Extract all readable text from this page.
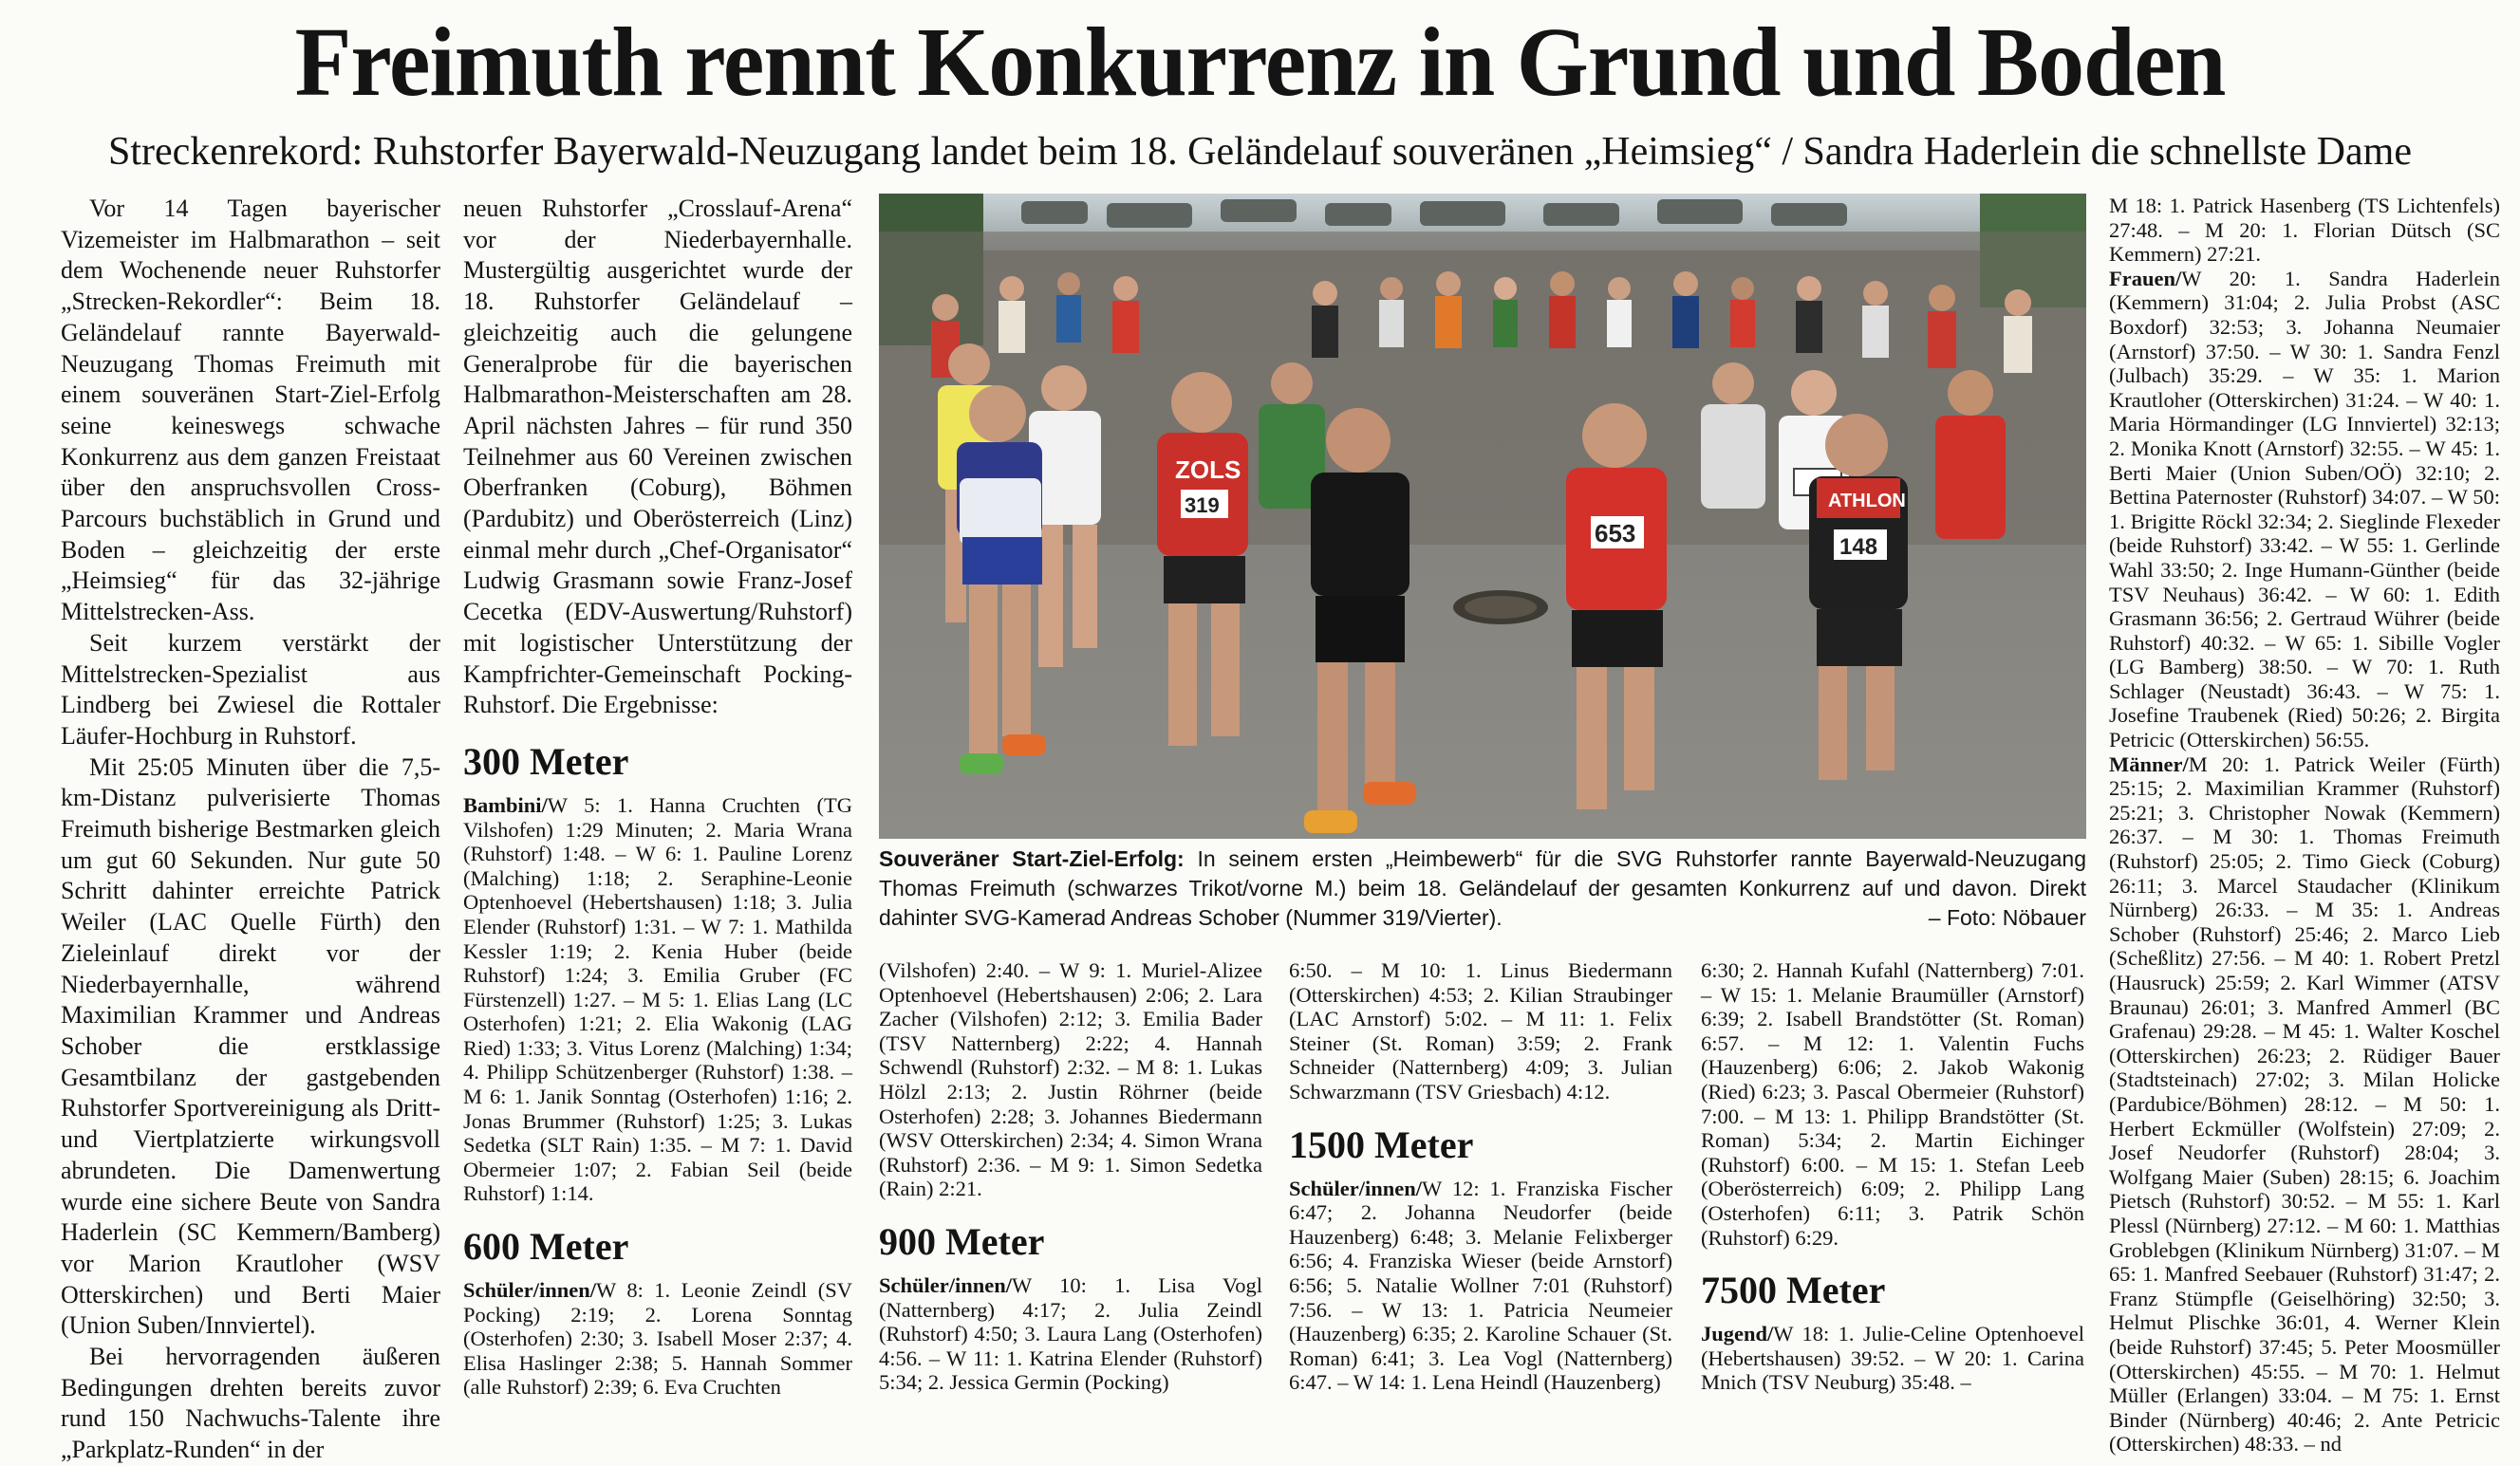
Freimuth rennt Konkurrenz in Grund und Boden
Streckenrekord: Ruhstorfer Bayerwald-Neuzugang landet beim 18. Geländelauf souveränen „Heimsieg“ / Sandra Haderlein die schnellste Dame

Vor 14 Tagen bayerischer Vizemeister im Halbmarathon – seit dem Wochenende neuer Ruhstorfer „Strecken-Rekordler“: Beim 18. Geländelauf rannte Bayerwald-Neuzugang Thomas Freimuth mit einem souveränen Start-Ziel-Erfolg seine keineswegs schwache Konkurrenz aus dem ganzen Freistaat über den anspruchsvollen Cross-Parcours buchstäblich in Grund und Boden – gleichzeitig der erste „Heimsieg“ für das 32-jährige Mittelstrecken-Ass.

Seit kurzem verstärkt der Mittelstrecken-Spezialist aus Lindberg bei Zwiesel die Rottaler Läufer-Hochburg in Ruhstorf.

Mit 25:05 Minuten über die 7,5-km-Distanz pulverisierte Thomas Freimuth bisherige Bestmarken gleich um gut 60 Sekunden. Nur gute 50 Schritt dahinter erreichte Patrick Weiler (LAC Quelle Fürth) den Zieleinlauf direkt vor der Niederbayernhalle, während Maximilian Krammer und Andreas Schober die erstklassige Gesamtbilanz der gastgebenden Ruhstorfer Sportvereinigung als Dritt- und Viertplatzierte wirkungsvoll abrundeten. Die Damenwertung wurde eine sichere Beute von Sandra Haderlein (SC Kemmern/Bamberg) vor Marion Krautloher (WSV Otterskirchen) und Berti Maier (Union Suben/Innviertel).

Bei hervorragenden äußeren Bedingungen drehten bereits zuvor rund 150 Nachwuchs-Talente ihre „Parkplatz-Runden“ in der

neuen Ruhstorfer „Crosslauf-Arena“ vor der Niederbayernhalle. Mustergültig ausgerichtet wurde der 18. Ruhstorfer Geländelauf – gleichzeitig auch die gelungene Generalprobe für die bayerischen Halbmarathon-Meisterschaften am 28. April nächsten Jahres – für rund 350 Teilnehmer aus 60 Vereinen zwischen Oberfranken (Coburg), Böhmen (Pardubitz) und Oberösterreich (Linz) einmal mehr durch „Chef-Organisator“ Ludwig Grasmann sowie Franz-Josef Cecetka (EDV-Auswertung/Ruhstorf) mit logistischer Unterstützung der Kampfrichter-Gemeinschaft Pocking-Ruhstorf. Die Ergebnisse:

300 Meter

Bambini/W 5: 1. Hanna Cruchten (TG Vilshofen) 1:29 Minuten; 2. Maria Wrana (Ruhstorf) 1:48. – W 6: 1. Pauline Lorenz (Malching) 1:18; 2. Seraphine-Leonie Optenhoevel (Hebertshausen) 1:18; 3. Julia Elender (Ruhstorf) 1:31. – W 7: 1. Mathilda Kessler 1:19; 2. Kenia Huber (beide Ruhstorf) 1:24; 3. Emilia Gruber (FC Fürstenzell) 1:27. – M 5: 1. Elias Lang (LC Osterhofen) 1:21; 2. Elia Wakonig (LAG Ried) 1:33; 3. Vitus Lorenz (Malching) 1:34; 4. Philipp Schützenberger (Ruhstorf) 1:38. – M 6: 1. Janik Sonntag (Osterhofen) 1:16; 2. Jonas Brummer (Ruhstorf) 1:25; 3. Lukas Sedetka (SLT Rain) 1:35. – M 7: 1. David Obermeier 1:07; 2. Fabian Seil (beide Ruhstorf) 1:14.

600 Meter

Schüler/innen/W 8: 1. Leonie Zeindl (SV Pocking) 2:19; 2. Lorena Sonntag (Osterhofen) 2:30; 3. Isabell Moser 2:37; 4. Elisa Haslinger 2:38; 5. Hannah Sommer (alle Ruhstorf) 2:39; 6. Eva Cruchten

ZOLS
319
653
ATHLON
148
Souveräner Start-Ziel-Erfolg: In seinem ersten „Heimbewerb“ für die SVG Ruhstorfer rannte Bayerwald-Neuzugang Thomas Freimuth (schwarzes Trikot/vorne M.) beim 18. Geländelauf der gesamten Konkurrenz auf und davon. Direkt dahinter SVG-Kamerad Andreas Schober (Nummer 319/Vierter).	– Foto: Nöbauer

(Vilshofen) 2:40. – W 9: 1. Muriel-Alizee Optenhoevel (Hebertshausen) 2:06; 2. Lara Zacher (Vilshofen) 2:12; 3. Emilia Bader (TSV Natternberg) 2:22; 4. Hannah Schwendl (Ruhstorf) 2:32. – M 8: 1. Lukas Hölzl 2:13; 2. Justin Röhrner (beide Osterhofen) 2:28; 3. Johannes Biedermann (WSV Otterskirchen) 2:34; 4. Simon Wrana (Ruhstorf) 2:36. – M 9: 1. Simon Sedetka (Rain) 2:21.

900 Meter

Schüler/innen/W 10: 1. Lisa Vogl (Natternberg) 4:17; 2. Julia Zeindl (Ruhstorf) 4:50; 3. Laura Lang (Osterhofen) 4:56. – W 11: 1. Katrina Elender (Ruhstorf) 5:34; 2. Jessica Germin (Pocking)

6:50. – M 10: 1. Linus Biedermann (Otterskirchen) 4:53; 2. Kilian Straubinger (LAC Arnstorf) 5:02. – M 11: 1. Felix Steiner (St. Roman) 3:59; 2. Frank Schneider (Natternberg) 4:09; 3. Julian Schwarzmann (TSV Griesbach) 4:12.

1500 Meter

Schüler/innen/W 12: 1. Franziska Fischer 6:47; 2. Johanna Neudorfer (beide Hauzenberg) 6:48; 3. Melanie Felixberger 6:56; 4. Franziska Wieser (beide Arnstorf) 6:56; 5. Natalie Wollner 7:01 (Ruhstorf) 7:56. – W 13: 1. Patricia Neumeier (Hauzenberg) 6:35; 2. Karoline Schauer (St. Roman) 6:41; 3. Lea Vogl (Natternberg) 6:47. – W 14: 1. Lena Heindl (Hauzenberg)

6:30; 2. Hannah Kufahl (Natternberg) 7:01. – W 15: 1. Melanie Braumüller (Arnstorf) 6:39; 2. Isabell Brandstötter (St. Roman) 6:57. – M 12: 1. Valentin Fuchs (Hauzenberg) 6:06; 2. Jakob Wakonig (Ried) 6:23; 3. Pascal Obermeier (Ruhstorf) 7:00. – M 13: 1. Philipp Brandstötter (St. Roman) 5:34; 2. Martin Eichinger (Ruhstorf) 6:00. – M 15: 1. Stefan Leeb (Oberösterreich) 6:09; 2. Philipp Lang (Osterhofen) 6:11; 3. Patrik Schön (Ruhstorf) 6:29.

7500 Meter

Jugend/W 18: 1. Julie-Celine Optenhoevel (Hebertshausen) 39:52. – W 20: 1. Carina Mnich (TSV Neuburg) 35:48. –

M 18: 1. Patrick Hasenberg (TS Lichtenfels) 27:48. – M 20: 1. Florian Dütsch (SC Kemmern) 27:21.

Frauen/W 20: 1. Sandra Haderlein (Kemmern) 31:04; 2. Julia Probst (ASC Boxdorf) 32:53; 3. Johanna Neumaier (Arnstorf) 37:50. – W 30: 1. Sandra Fenzl (Julbach) 35:29. – W 35: 1. Marion Krautloher (Otterskirchen) 31:24. – W 40: 1. Maria Hörmandinger (LG Innviertel) 32:13; 2. Monika Knott (Arnstorf) 32:55. – W 45: 1. Berti Maier (Union Suben/OÖ) 32:10; 2. Bettina Paternoster (Ruhstorf) 34:07. – W 50: 1. Brigitte Röckl 32:34; 2. Sieglinde Flexeder (beide Ruhstorf) 33:42. – W 55: 1. Gerlinde Wahl 33:50; 2. Inge Humann-Günther (beide TSV Neuhaus) 36:42. – W 60: 1. Edith Grasmann 36:56; 2. Gertraud Wührer (beide Ruhstorf) 40:32. – W 65: 1. Sibille Vogler (LG Bamberg) 38:50. – W 70: 1. Ruth Schlager (Neustadt) 36:43. – W 75: 1. Josefine Traubenek (Ried) 50:26; 2. Birgita Petricic (Otterskirchen) 56:55.

Männer/M 20: 1. Patrick Weiler (Fürth) 25:15; 2. Maximilian Krammer (Ruhstorf) 25:21; 3. Christopher Nowak (Kemmern) 26:37. – M 30: 1. Thomas Freimuth (Ruhstorf) 25:05; 2. Timo Gieck (Coburg) 26:11; 3. Marcel Staudacher (Klinikum Nürnberg) 26:33. – M 35: 1. Andreas Schober (Ruhstorf) 25:46; 2. Marco Lieb (Scheßlitz) 27:56. – M 40: 1. Robert Pretzl (Hausruck) 25:59; 2. Karl Wimmer (ATSV Braunau) 26:01; 3. Manfred Ammerl (BC Grafenau) 29:28. – M 45: 1. Walter Koschel (Otterskirchen) 26:23; 2. Rüdiger Bauer (Stadtsteinach) 27:02; 3. Milan Holicke (Pardubice/Böhmen) 28:12. – M 50: 1. Herbert Eckmüller (Wolfstein) 27:09; 2. Josef Neudorfer (Ruhstorf) 28:04; 3. Wolfgang Maier (Suben) 28:15; 6. Joachim Pietsch (Ruhstorf) 30:52. – M 55: 1. Karl Plessl (Nürnberg) 27:12. – M 60: 1. Matthias Groblebgen (Klinikum Nürnberg) 31:07. – M 65: 1. Manfred Seebauer (Ruhstorf) 31:47; 2. Franz Stümpfle (Geiselhöring) 32:50; 3. Helmut Plischke 36:01, 4. Werner Klein (beide Ruhstorf) 37:45; 5. Peter Moosmüller (Otterskirchen) 45:55. – M 70: 1. Helmut Müller (Erlangen) 33:04. – M 75: 1. Ernst Binder (Nürnberg) 40:46; 2. Ante Petricic (Otterskirchen) 48:33. – nd
